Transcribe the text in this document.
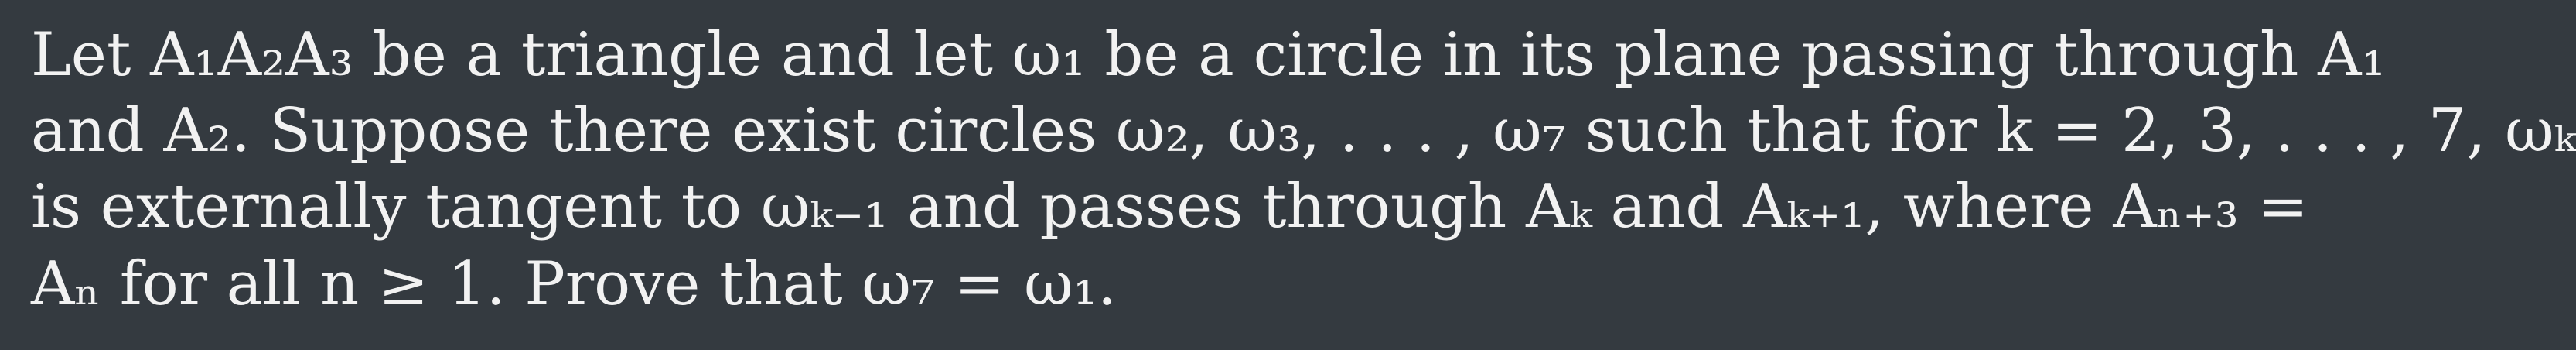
Let A₁A₂A₃ be a triangle and let ω₁ be a circle in its plane passing through A₁
and A₂. Suppose there exist circles ω₂, ω₃, . . . , ω₇ such that for k = 2, 3, . . . , 7, ωₖ
is externally tangent to ωₖ₋₁ and passes through Aₖ and Aₖ₊₁, where Aₙ₊₃ =
Aₙ for all n ≥ 1. Prove that ω₇ = ω₁.
